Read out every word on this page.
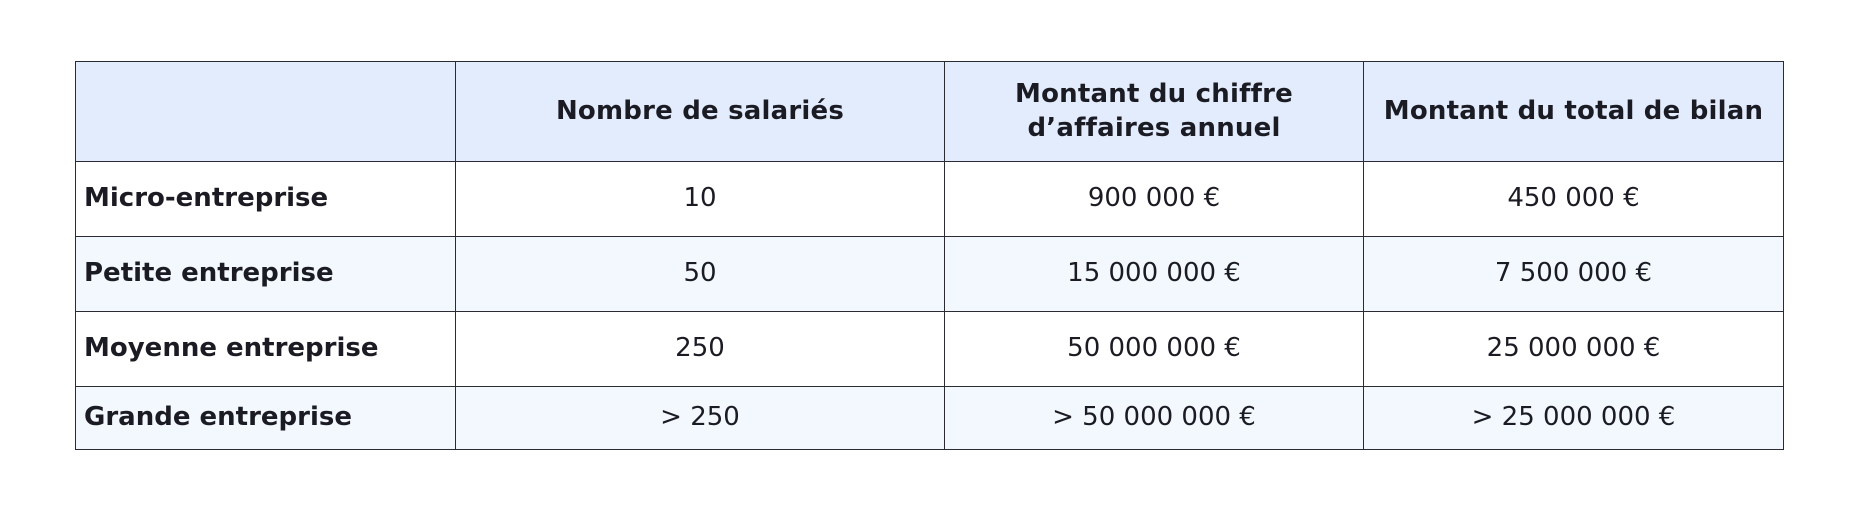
	Nombre de salariés	Montant du chiffre d’affaires annuel	Montant du total de bilan
Micro-entreprise	10	900 000 €	450 000 €
Petite entreprise	50	15 000 000 €	7 500 000 €
Moyenne entreprise	250	50 000 000 €	25 000 000 €
Grande entreprise	> 250	> 50 000 000 €	> 25 000 000 €
